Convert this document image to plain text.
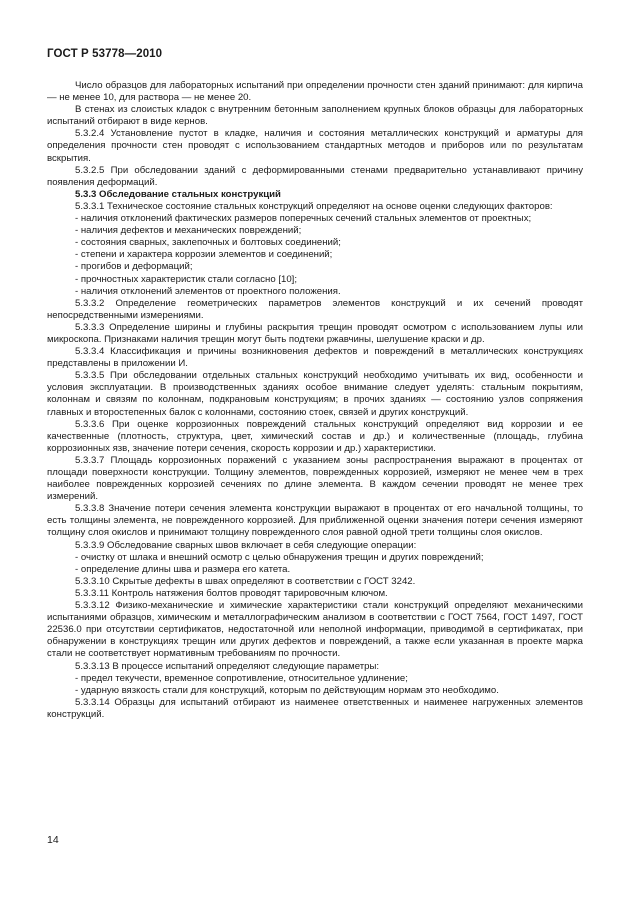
ГОСТ Р 53778—2010

Число образцов для лабораторных испытаний при определении прочности стен зданий принимают: для кирпича — не менее 10, для раствора — не менее 20.

В стенах из слоистых кладок с внутренним бетонным заполнением крупных блоков образцы для лабораторных испытаний отбирают в виде кернов.

5.3.2.4 Установление пустот в кладке, наличия и состояния металлических конструкций и арматуры для определения прочности стен проводят с использованием стандартных методов и приборов или по результатам вскрытия.

5.3.2.5 При обследовании зданий с деформированными стенами предварительно устанавливают причину появления деформаций.

5.3.3 Обследование стальных конструкций

5.3.3.1 Техническое состояние стальных конструкций определяют на основе оценки следующих факторов:

- наличия отклонений фактических размеров поперечных сечений стальных элементов от проектных;

- наличия дефектов и механических повреждений;

- состояния сварных, заклепочных и болтовых соединений;

- степени и характера коррозии элементов и соединений;

- прогибов и деформаций;

- прочностных характеристик стали согласно [10];

- наличия отклонений элементов от проектного положения.

5.3.3.2 Определение геометрических параметров элементов конструкций и их сечений проводят непосредственными измерениями.

5.3.3.3 Определение ширины и глубины раскрытия трещин проводят осмотром с использованием лупы или микроскопа. Признаками наличия трещин могут быть подтеки ржавчины, шелушение краски и др.

5.3.3.4 Классификация и причины возникновения дефектов и повреждений в металлических конструкциях представлены в приложении И.

5.3.3.5 При обследовании отдельных стальных конструкций необходимо учитывать их вид, особенности и условия эксплуатации. В производственных зданиях особое внимание следует уделять: стальным покрытиям, колоннам и связям по колоннам, подкрановым конструкциям; в прочих зданиях — состоянию узлов сопряжения главных и второстепенных балок с колоннами, состоянию стоек, связей и других конструкций.

5.3.3.6 При оценке коррозионных повреждений стальных конструкций определяют вид коррозии и ее качественные (плотность, структура, цвет, химический состав и др.) и количественные (площадь, глубина коррозионных язв, значение потери сечения, скорость коррозии и др.) характеристики.

5.3.3.7 Площадь коррозионных поражений с указанием зоны распространения выражают в процентах от площади поверхности конструкции. Толщину элементов, поврежденных коррозией, измеряют не менее чем в трех наиболее поврежденных коррозией сечениях по длине элемента. В каждом сечении проводят не менее трех измерений.

5.3.3.8 Значение потери сечения элемента конструкции выражают в процентах от его начальной толщины, то есть толщины элемента, не поврежденного коррозией. Для приближенной оценки значения потери сечения измеряют толщину слоя окислов и принимают толщину поврежденного слоя равной одной трети толщины слоя окислов.

5.3.3.9 Обследование сварных швов включает в себя следующие операции:

- очистку от шлака и внешний осмотр с целью обнаружения трещин и других повреждений;

- определение длины шва и размера его катета.

5.3.3.10 Скрытые дефекты в швах определяют в соответствии с ГОСТ 3242.

5.3.3.11 Контроль натяжения болтов проводят тарировочным ключом.

5.3.3.12 Физико-механические и химические характеристики стали конструкций определяют механическими испытаниями образцов, химическим и металлографическим анализом в соответствии с ГОСТ 7564, ГОСТ 1497, ГОСТ 22536.0 при отсутствии сертификатов, недостаточной или неполной информации, приводимой в сертификатах, при обнаружении в конструкциях трещин или других дефектов и повреждений, а также если указанная в проекте марка стали не соответствует нормативным требованиям по прочности.

5.3.3.13 В процессе испытаний определяют следующие параметры:

- предел текучести, временное сопротивление, относительное удлинение;

- ударную вязкость стали для конструкций, которым по действующим нормам это необходимо.

5.3.3.14 Образцы для испытаний отбирают из наименее ответственных и наименее нагруженных элементов конструкций.

14
